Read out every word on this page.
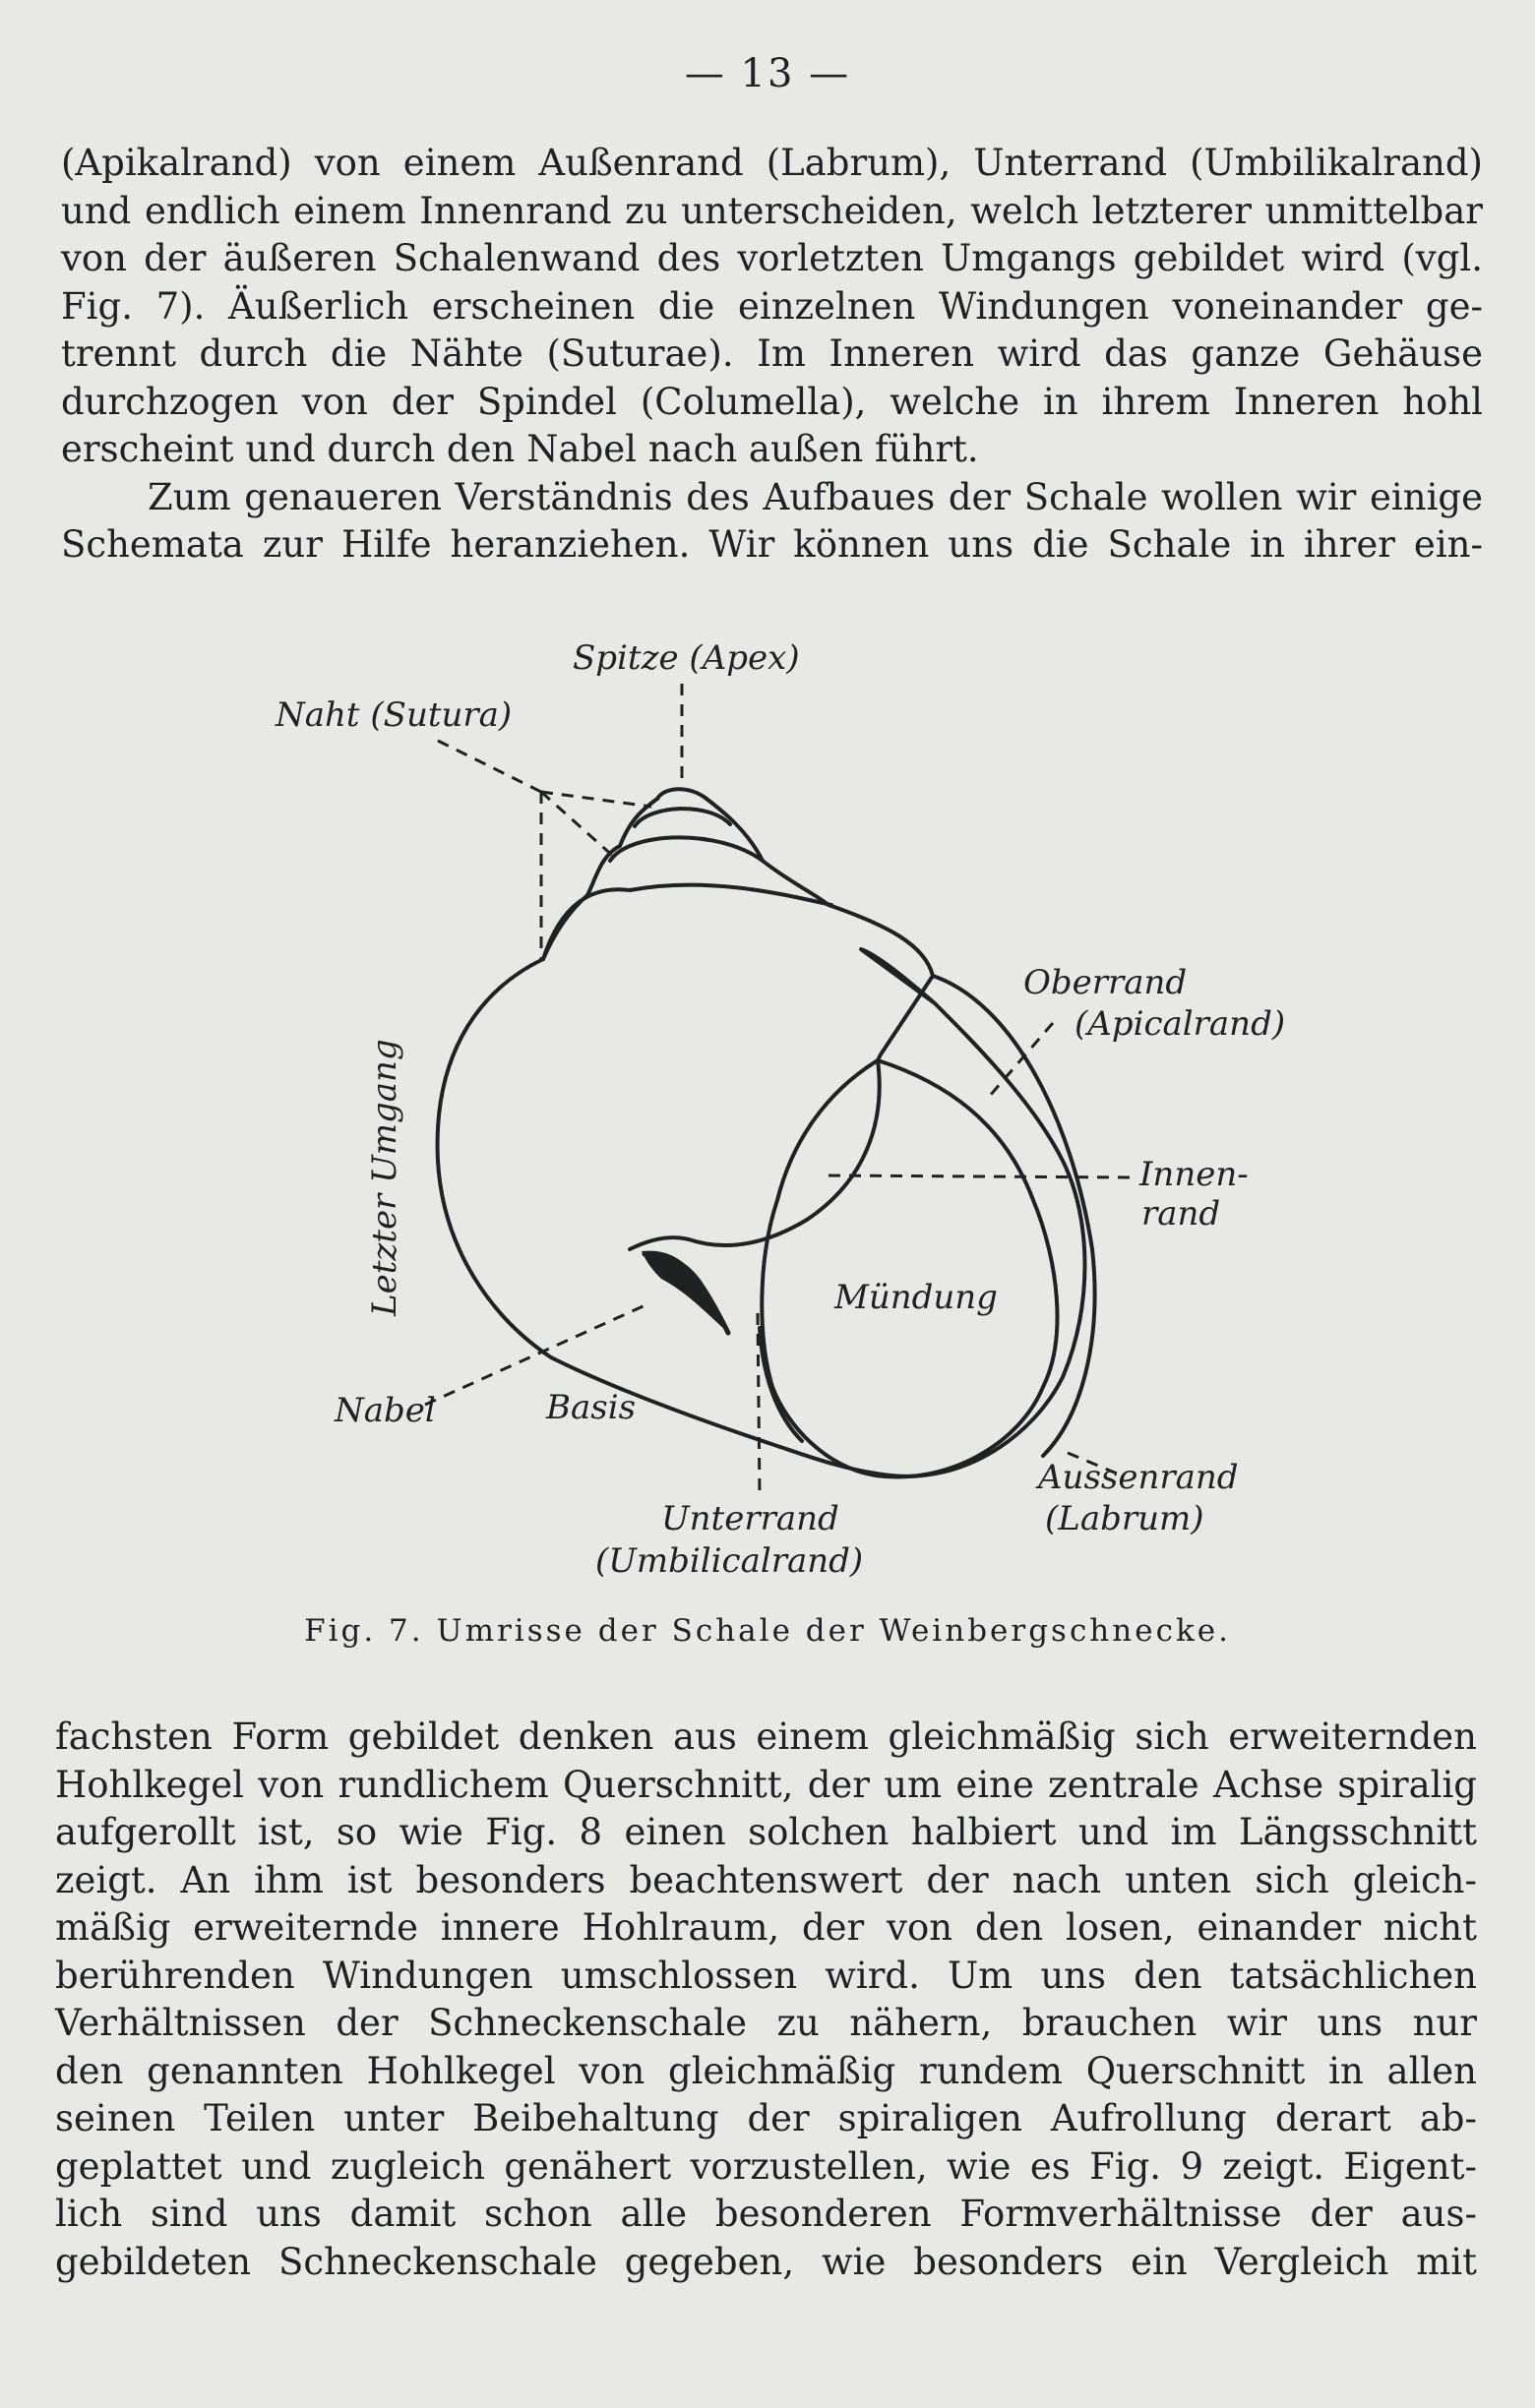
— 13 —
(Apikalrand) von einem Außenrand (Labrum), Unterrand (Umbilikalrand)
und endlich einem Innenrand zu unterscheiden, welch letzterer unmittelbar
von der äußeren Schalenwand des vorletzten Umgangs gebildet wird (vgl.
Fig. 7). Äußerlich erscheinen die einzelnen Windungen voneinander ge-
trennt durch die Nähte (Suturae). Im Inneren wird das ganze Gehäuse
durchzogen von der Spindel (Columella), welche in ihrem Inneren hohl
erscheint und durch den Nabel nach außen führt.
Zum genaueren Verständnis des Aufbaues der Schale wollen wir einige
Schemata zur Hilfe heranziehen. Wir können uns die Schale in ihrer ein-
Spitze (Apex)
Naht (Sutura)
Oberrand
(Apicalrand)
Innen-
rand
Letzter Umgang	Mündung
Nabel	Basis
Unterrand
(Umbilicalrand)
Aussenrand
(Labrum)
Fig. 7. Umrisse der Schale der Weinbergschnecke.
fachsten Form gebildet denken aus einem gleichmäßig sich erweiternden
Hohlkegel von rundlichem Querschnitt, der um eine zentrale Achse spiralig
aufgerollt ist, so wie Fig. 8 einen solchen halbiert und im Längsschnitt
zeigt. An ihm ist besonders beachtenswert der nach unten sich gleich-
mäßig erweiternde innere Hohlraum, der von den losen, einander nicht
berührenden Windungen umschlossen wird. Um uns den tatsächlichen
Verhältnissen der Schneckenschale zu nähern, brauchen wir uns nur
den genannten Hohlkegel von gleichmäßig rundem Querschnitt in allen
seinen Teilen unter Beibehaltung der spiraligen Aufrollung derart ab-
geplattet und zugleich genähert vorzustellen, wie es Fig. 9 zeigt. Eigent-
lich sind uns damit schon alle besonderen Formverhältnisse der aus-
gebildeten Schneckenschale gegeben, wie besonders ein Vergleich mit
